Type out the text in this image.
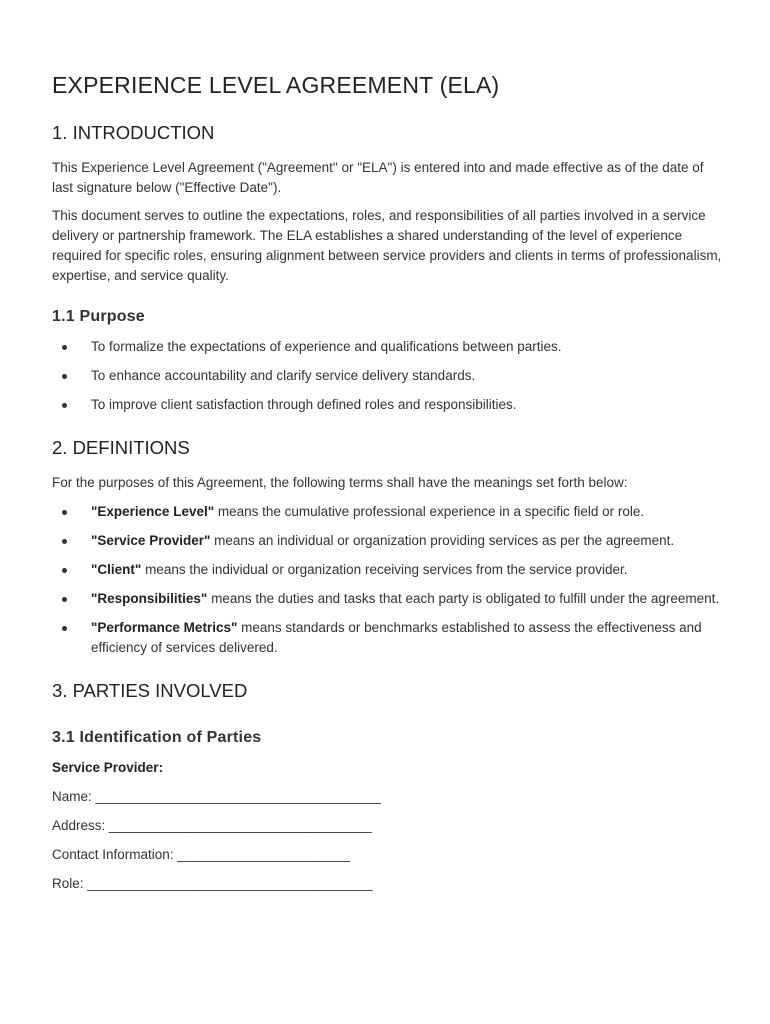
EXPERIENCE LEVEL AGREEMENT (ELA)
1. INTRODUCTION

This Experience Level Agreement ("Agreement" or "ELA") is entered into and made effective as of the date of last signature below ("Effective Date").

This document serves to outline the expectations, roles, and responsibilities of all parties involved in a service delivery or partnership framework. The ELA establishes a shared understanding of the level of experience required for specific roles, ensuring alignment between service providers and clients in terms of professionalism, expertise, and service quality.

1.1 Purpose
To formalize the expectations of experience and qualifications between parties.
To enhance accountability and clarify service delivery standards.
To improve client satisfaction through defined roles and responsibilities.
2. DEFINITIONS

For the purposes of this Agreement, the following terms shall have the meanings set forth below:

"Experience Level" means the cumulative professional experience in a specific field or role.
"Service Provider" means an individual or organization providing services as per the agreement.
"Client" means the individual or organization receiving services from the service provider.
"Responsibilities" means the duties and tasks that each party is obligated to fulfill under the agreement.
"Performance Metrics" means standards or benchmarks established to assess the effectiveness and efficiency of services delivered.
3. PARTIES INVOLVED
3.1 Identification of Parties
Service Provider:
Name: ______________________________________
Address: ___________________________________
Contact Information: _______________________
Role: ______________________________________
